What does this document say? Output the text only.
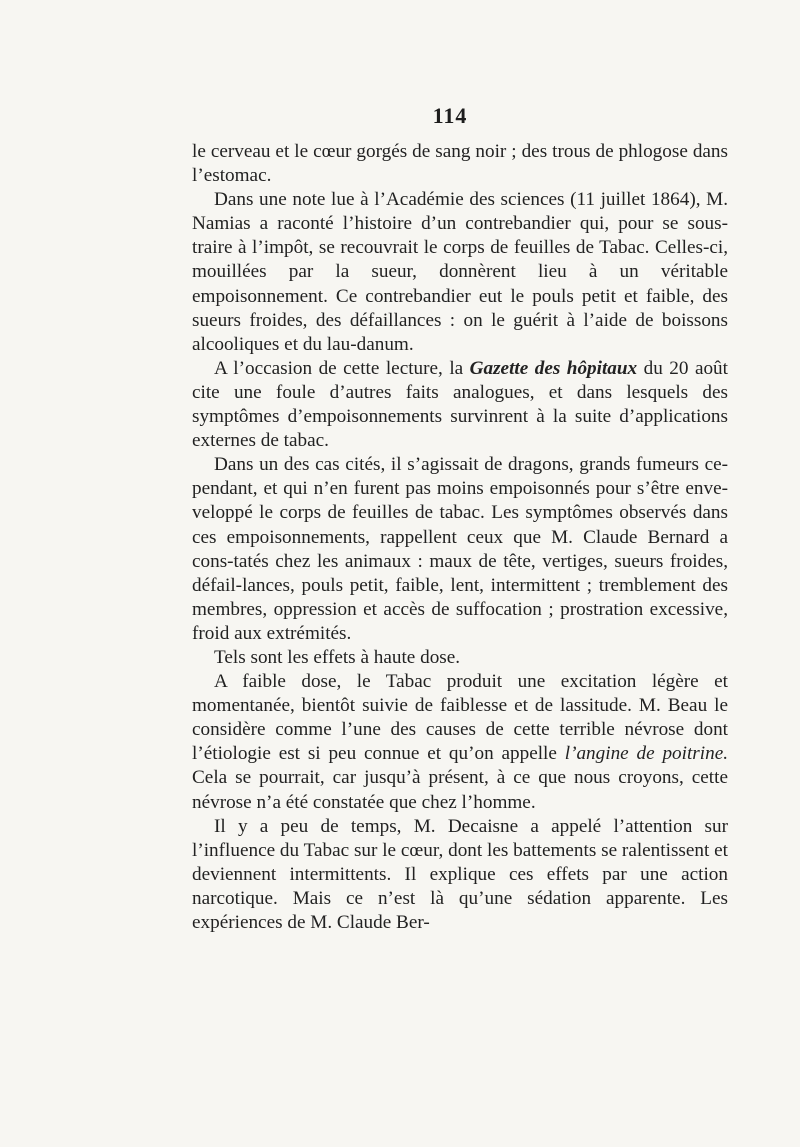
114

le cerveau et le cœur gorgés de sang noir ; des trous de phlogose dans l’estomac.

Dans une note lue à l’Académie des sciences (11 juillet 1864), M. Namias a raconté l’histoire d’un contrebandier qui, pour se sous-traire à l’impôt, se recouvrait le corps de feuilles de Tabac. Celles-ci, mouillées par la sueur, donnèrent lieu à un véritable empoisonnement. Ce contrebandier eut le pouls petit et faible, des sueurs froides, des défaillances : on le guérit à l’aide de boissons alcooliques et du lau-danum.

A l’occasion de cette lecture, la Gazette des hôpitaux du 20 août cite une foule d’autres faits analogues, et dans lesquels des symptômes d’empoisonnements survinrent à la suite d’applications externes de tabac.

Dans un des cas cités, il s’agissait de dragons, grands fumeurs ce-pendant, et qui n’en furent pas moins empoisonnés pour s’être enve-veloppé le corps de feuilles de tabac. Les symptômes observés dans ces empoisonnements, rappellent ceux que M. Claude Bernard a cons-tatés chez les animaux : maux de tête, vertiges, sueurs froides, défail-lances, pouls petit, faible, lent, intermittent ; tremblement des membres, oppression et accès de suffocation ; prostration excessive, froid aux extrémités.

Tels sont les effets à haute dose.

A faible dose, le Tabac produit une excitation légère et momentanée, bientôt suivie de faiblesse et de lassitude. M. Beau le considère comme l’une des causes de cette terrible névrose dont l’étiologie est si peu connue et qu’on appelle l’angine de poitrine. Cela se pourrait, car jusqu’à présent, à ce que nous croyons, cette névrose n’a été constatée que chez l’homme.

Il y a peu de temps, M. Decaisne a appelé l’attention sur l’influence du Tabac sur le cœur, dont les battements se ralentissent et deviennent intermittents. Il explique ces effets par une action narcotique. Mais ce n’est là qu’une sédation apparente. Les expériences de M. Claude Ber-
